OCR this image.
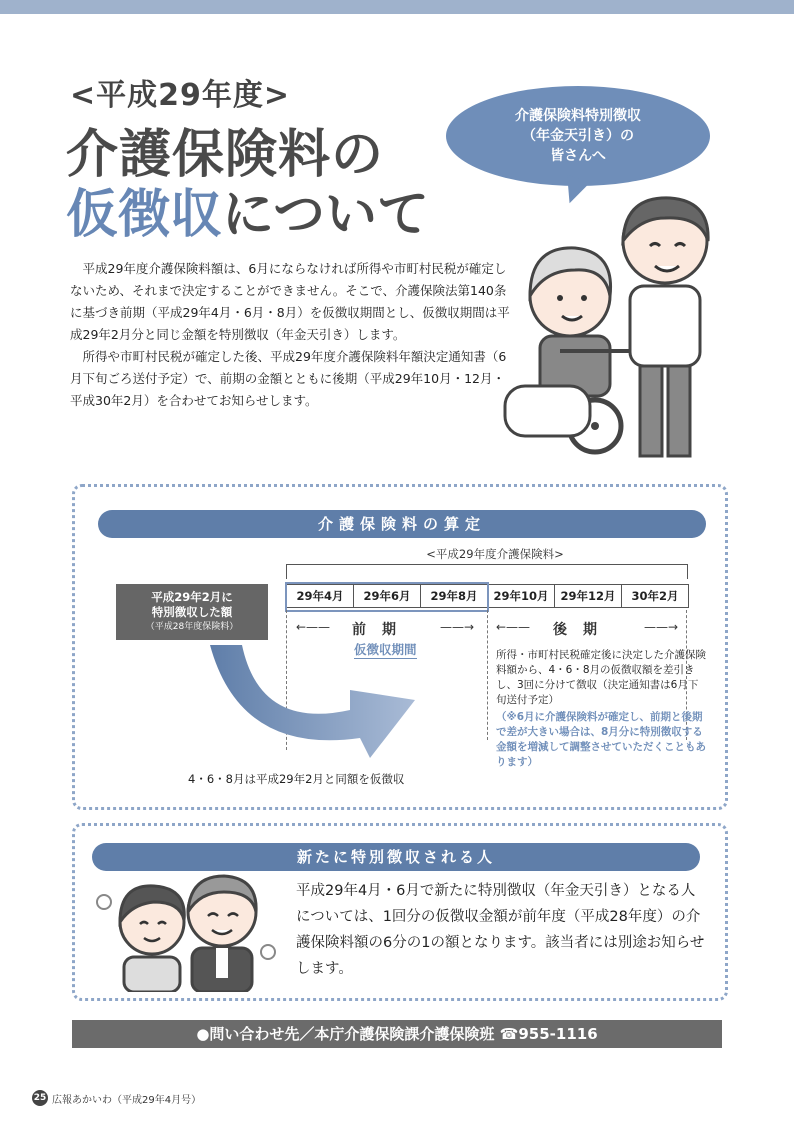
<平成29年度>
介護保険料の
仮徴収について
介護保険料特別徴収
（年金天引き）の
皆さんへ

平成29年度介護保険料額は、6月にならなければ所得や市町村民税が確定しないため、それまで決定することができません。そこで、介護保険法第140条に基づき前期（平成29年4月・6月・8月）を仮徴収期間とし、仮徴収期間は平成29年2月分と同じ金額を特別徴収（年金天引き）します。

所得や市町村民税が確定した後、平成29年度介護保険料年額決定通知書（6月下旬ごろ送付予定）で、前期の金額とともに後期（平成29年10月・12月・平成30年2月）を合わせてお知らせします。

介護保険料の算定
<平成29年度介護保険料>
29年4月	29年6月	29年8月	29年10月	29年12月	30年2月
平成29年2月に
特別徴収した額
（平成28年度保険料）	←—— 前期 ——→
仮徴収期間
←—— 後期	——→
所得・市町村民税確定後に決定した介護保険料額から、4・6・8月の仮徴収額を差引きし、3回に分けて徴収（決定通知書は6月下旬送付予定）
（※6月に介護保険料が確定し、前期と後期で差が大きい場合は、8月分に特別徴収する金額を増減して調整させていただくこともあります）
4・6・8月は平成29年2月と同額を仮徴収
新たに特別徴収される人
平成29年4月・6月で新たに特別徴収（年金天引き）となる人については、1回分の仮徴収金額が前年度（平成28年度）の介護保険料額の6分の1の額となります。該当者には別途お知らせします。
●問い合わせ先／本庁介護保険課介護保険班 ☎955-1116
25 広報あかいわ（平成29年4月号）
